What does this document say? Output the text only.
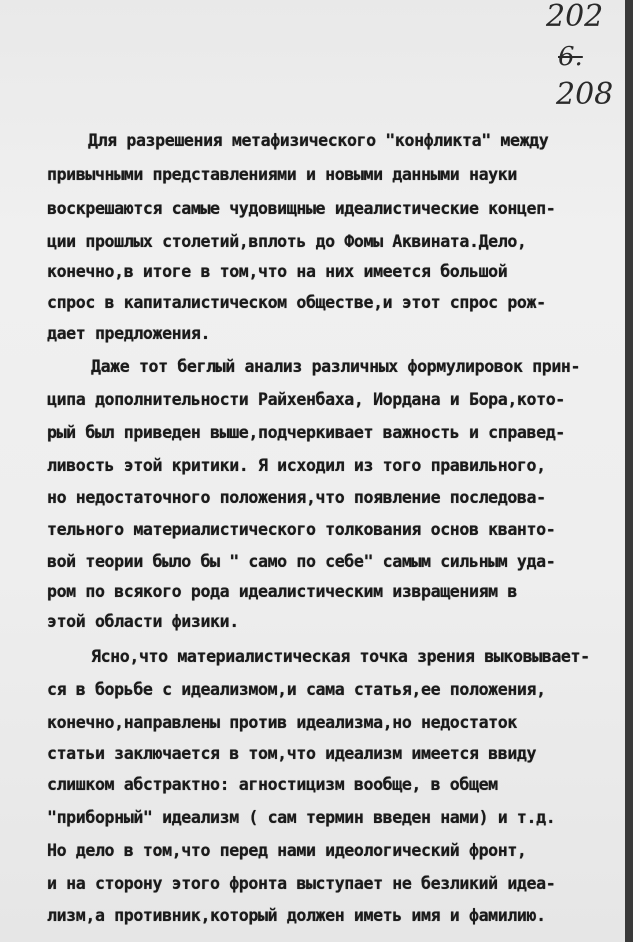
202
6.
208

Для разрешения метафизического "конфликта" между

привычными представлениями и новыми данными науки

воскрешаются самые чудовищные идеалистические концеп-

ции прошлых столетий,вплоть до Фомы Аквината.Дело,

конечно,в итоге в том,что на них имеется большой

спрос в капиталистическом обществе,и этот спрос рож-

дает предложения.

Даже тот беглый анализ различных формулировок прин-

ципа дополнительности Райхенбаха, Иордана и Бора,кото-

рый был приведен выше,подчеркивает важность и справед-

ливость этой критики. Я исходил из того правильного,

но недостаточного положения,что появление последова-

тельного материалистического толкования основ кванто-

вой теории было бы " само по себе" самым сильным уда-

ром по всякого рода идеалистическим извращениям в

этой области физики.

Ясно,что материалистическая точка зрения выковывает-

ся в борьбе с идеализмом,и сама статья,ее положения,

конечно,направлены против идеализма,но недостаток

статьи заключается в том,что идеализм имеется ввиду

слишком абстрактно: агностицизм вообще, в общем

"приборный" идеализм ( сам термин введен нами) и т.д.

Но дело в том,что перед нами идеологический фронт,

и на сторону этого фронта выступает не безликий идеа-

лизм,а противник,который должен иметь имя и фамилию.
